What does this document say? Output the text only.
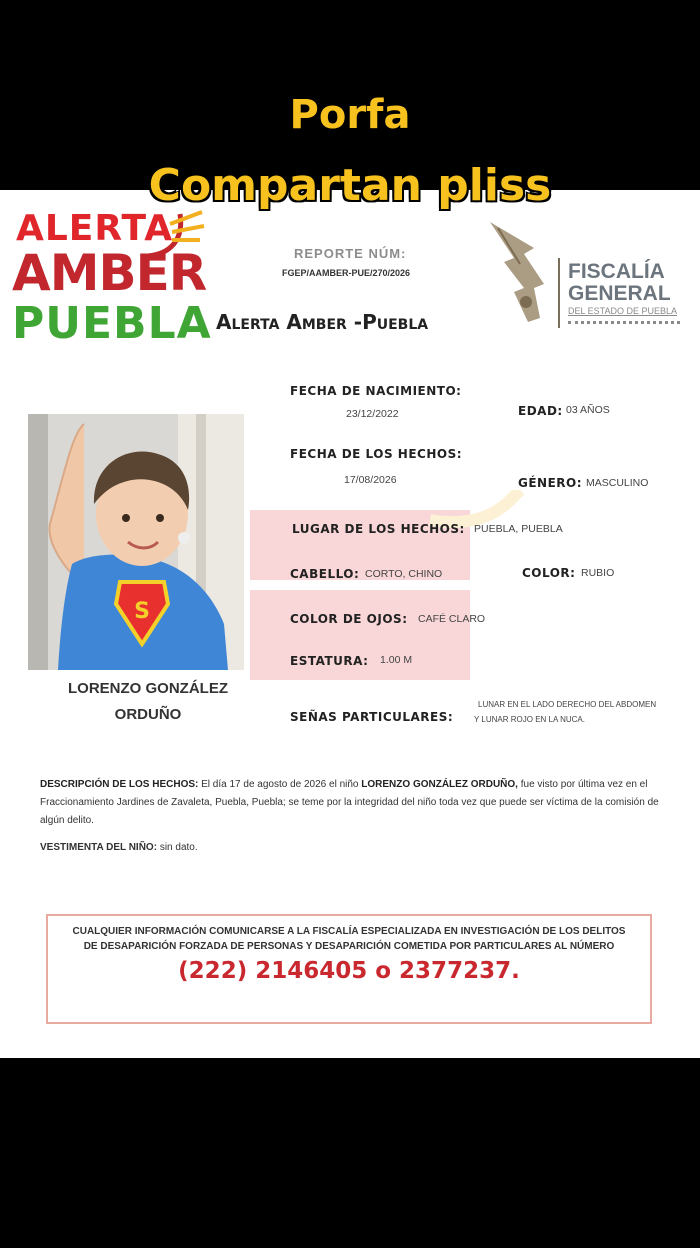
Porfa
Compartan pliss
ALERTA
AMBER
PUEBLA
REPORTE NÚM:
FGEP/AAMBER-PUE/270/2026
Alerta Amber -Puebla
FISCALÍA
GENERAL
DEL ESTADO DE PUEBLA
S
LORENZO GONZÁLEZ
ORDUÑO
FECHA DE NACIMIENTO:
23/12/2022	EDAD: 03 AÑOS
FECHA DE LOS HECHOS:
17/08/2026	GÉNERO: MASCULINO
LUGAR DE LOS HECHOS: PUEBLA, PUEBLA
CABELLO: CORTO, CHINO	COLOR: RUBIO
COLOR DE OJOS: CAFÉ CLARO
ESTATURA: 1.00 M
SEÑAS PARTICULARES:
LUNAR EN EL LADO DERECHO DEL ABDOMEN
Y LUNAR ROJO EN LA NUCA.
DESCRIPCIÓN DE LOS HECHOS: El día 17 de agosto de 2026 el niño LORENZO GONZÁLEZ ORDUÑO, fue visto por última vez en el Fraccionamiento Jardines de Zavaleta, Puebla, Puebla; se teme por la integridad del niño toda vez que puede ser víctima de la comisión de algún delito.
VESTIMENTA DEL NIÑO: sin dato.
CUALQUIER INFORMACIÓN COMUNICARSE A LA FISCALÍA ESPECIALIZADA EN INVESTIGACIÓN DE LOS DELITOS
DE DESAPARICIÓN FORZADA DE PERSONAS Y DESAPARICIÓN COMETIDA POR PARTICULARES AL NÚMERO
(222) 2146405 o 2377237.
